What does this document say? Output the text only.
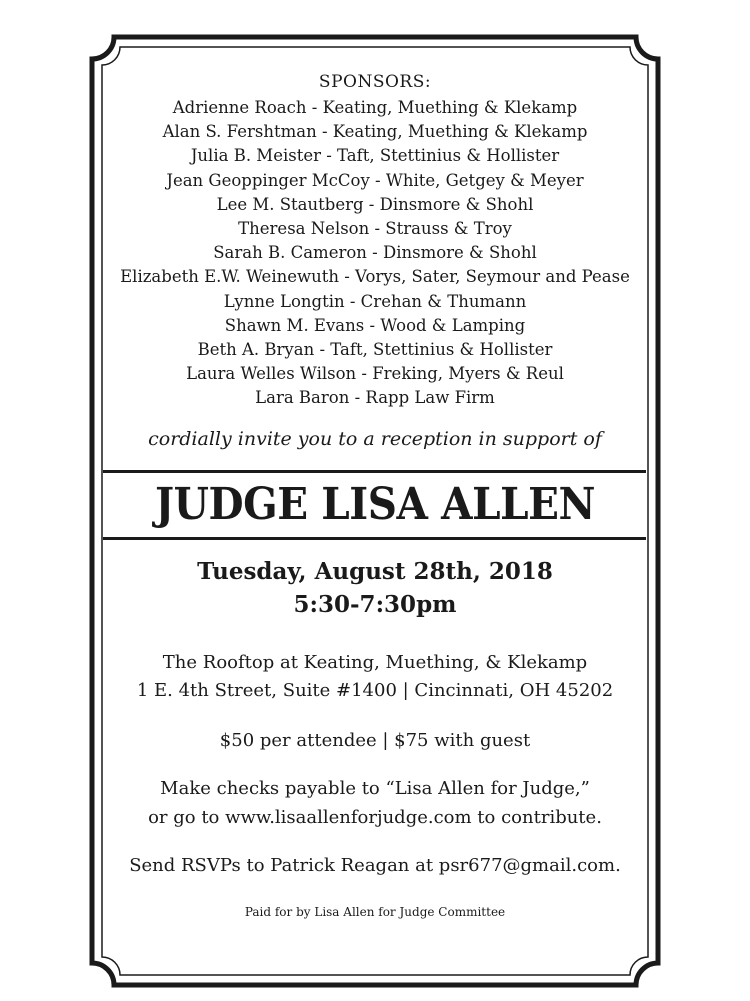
SPONSORS:
Adrienne Roach - Keating, Muething & Klekamp
Alan S. Fershtman - Keating, Muething & Klekamp
Julia B. Meister - Taft, Stettinius & Hollister
Jean Geoppinger McCoy - White, Getgey & Meyer
Lee M. Stautberg - Dinsmore & Shohl
Theresa Nelson - Strauss & Troy
Sarah B. Cameron - Dinsmore & Shohl
Elizabeth E.W. Weinewuth - Vorys, Sater, Seymour and Pease
Lynne Longtin - Crehan & Thumann
Shawn M. Evans - Wood & Lamping
Beth A. Bryan - Taft, Stettinius & Hollister
Laura Welles Wilson - Freking, Myers & Reul
Lara Baron - Rapp Law Firm
cordially invite you to a reception in support of
JUDGE LISA ALLEN
Tuesday, August 28th, 2018
5:30-7:30pm
The Rooftop at Keating, Muething, & Klekamp
1 E. 4th Street, Suite #1400 | Cincinnati, OH 45202
$50 per attendee | $75 with guest
Make checks payable to “Lisa Allen for Judge,”
or go to www.lisaallenforjudge.com to contribute.
Send RSVPs to Patrick Reagan at psr677@gmail.com.
Paid for by Lisa Allen for Judge Committee
